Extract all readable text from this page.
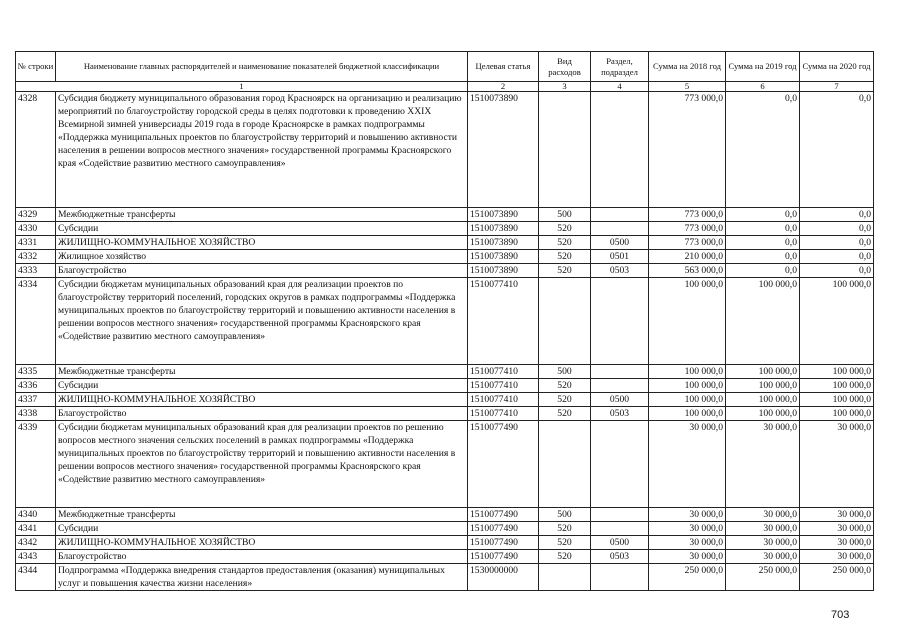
№ строки	Наименование главных распорядителей и наименование показателей бюджетной классификации	Целевая статья	Вид расходов	Раздел, подраздел	Сумма на 2018 год	Сумма на 2019 год	Сумма на 2020 год
1		2	3	4	5	6	7
4328	Субсидия бюджету муниципального образования город Красноярск на организацию и реализацию мероприятий по благоустройству городской среды в целях подготовки к проведению XXIX Всемирной зимней универсиады 2019 года в городе Красноярске в рамках подпрограммы «Поддержка муниципальных проектов по благоустройству территорий и повышению активности населения в решении вопросов местного значения» государственной программы Красноярского края «Содействие развитию местного самоуправления»	1510073890			773 000,0	0,0	0,0
4329	Межбюджетные трансферты	1510073890	500		773 000,0	0,0	0,0
4330	Субсидии	1510073890	520		773 000,0	0,0	0,0
4331	ЖИЛИЩНО-КОММУНАЛЬНОЕ ХОЗЯЙСТВО	1510073890	520	0500	773 000,0	0,0	0,0
4332	Жилищное хозяйство	1510073890	520	0501	210 000,0	0,0	0,0
4333	Благоустройство	1510073890	520	0503	563 000,0	0,0	0,0
4334	Субсидии бюджетам муниципальных образований края для реализации проектов по благоустройству территорий поселений, городских округов в рамках подпрограммы «Поддержка муниципальных проектов по благоустройству территорий и повышению активности населения в решении вопросов местного значения» государственной программы Красноярского края «Содействие развитию местного самоуправления»	1510077410			100 000,0	100 000,0	100 000,0
4335	Межбюджетные трансферты	1510077410	500		100 000,0	100 000,0	100 000,0
4336	Субсидии	1510077410	520		100 000,0	100 000,0	100 000,0
4337	ЖИЛИЩНО-КОММУНАЛЬНОЕ ХОЗЯЙСТВО	1510077410	520	0500	100 000,0	100 000,0	100 000,0
4338	Благоустройство	1510077410	520	0503	100 000,0	100 000,0	100 000,0
4339	Субсидии бюджетам муниципальных образований края для реализации проектов по решению вопросов местного значения сельских поселений в рамках подпрограммы «Поддержка муниципальных проектов по благоустройству территорий и повышению активности населения в решении вопросов местного значения» государственной программы Красноярского края «Содействие развитию местного самоуправления»	1510077490			30 000,0	30 000,0	30 000,0
4340	Межбюджетные трансферты	1510077490	500		30 000,0	30 000,0	30 000,0
4341	Субсидии	1510077490	520		30 000,0	30 000,0	30 000,0
4342	ЖИЛИЩНО-КОММУНАЛЬНОЕ ХОЗЯЙСТВО	1510077490	520	0500	30 000,0	30 000,0	30 000,0
4343	Благоустройство	1510077490	520	0503	30 000,0	30 000,0	30 000,0
4344	Подпрограмма «Поддержка внедрения стандартов предоставления (оказания) муниципальных услуг и повышения качества жизни населения»	1530000000			250 000,0	250 000,0	250 000,0
703
